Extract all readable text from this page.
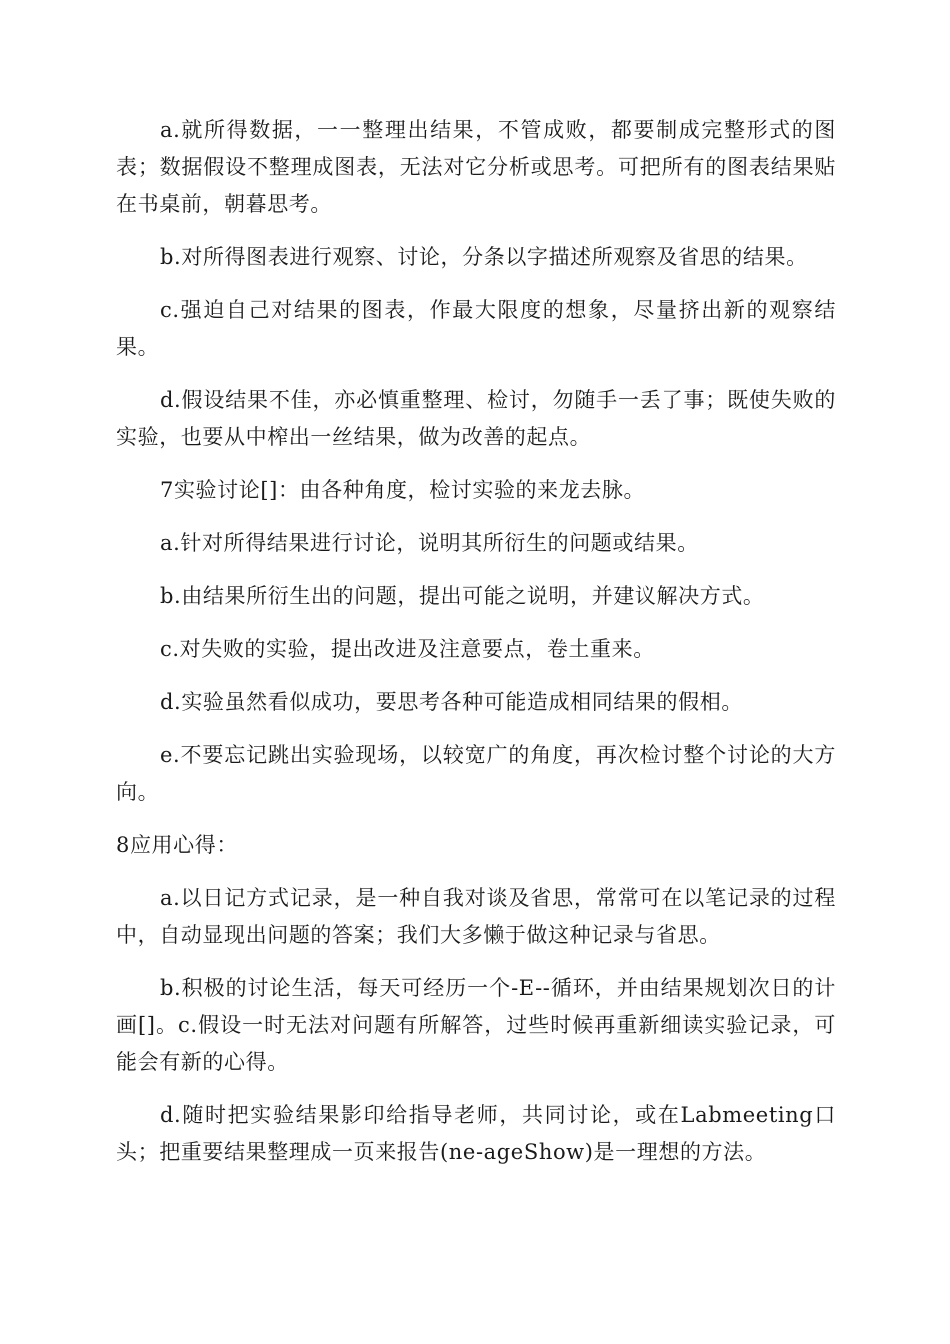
a.就所得数据，一一整理出结果，不管成败，都要制成完整形式的图表；数据假设不整理成图表，无法对它分析或思考。可把所有的图表结果贴在书桌前，朝暮思考。

b.对所得图表进行观察、讨论，分条以字描述所观察及省思的结果。

c.强迫自己对结果的图表，作最大限度的想象，尽量挤出新的观察结果。

d.假设结果不佳，亦必慎重整理、检讨，勿随手一丢了事；既使失败的实验，也要从中榨出一丝结果，做为改善的起点。

7实验讨论[]：由各种角度，检讨实验的来龙去脉。

a.针对所得结果进行讨论，说明其所衍生的问题或结果。

b.由结果所衍生出的问题，提出可能之说明，并建议解决方式。

c.对失败的实验，提出改进及注意要点，卷土重来。

d.实验虽然看似成功，要思考各种可能造成相同结果的假相。

e.不要忘记跳出实验现场，以较宽广的角度，再次检讨整个讨论的大方向。

8应用心得：

a.以日记方式记录，是一种自我对谈及省思，常常可在以笔记录的过程中，自动显现出问题的答案；我们大多懒于做这种记录与省思。

b.积极的讨论生活，每天可经历一个-E--循环，并由结果规划次日的计画[]。c.假设一时无法对问题有所解答，过些时候再重新细读实验记录，可能会有新的心得。

d.随时把实验结果影印给指导老师，共同讨论，或在Labmeeting口头；把重要结果整理成一页来报告(ne-ageShow)是一理想的方法。
